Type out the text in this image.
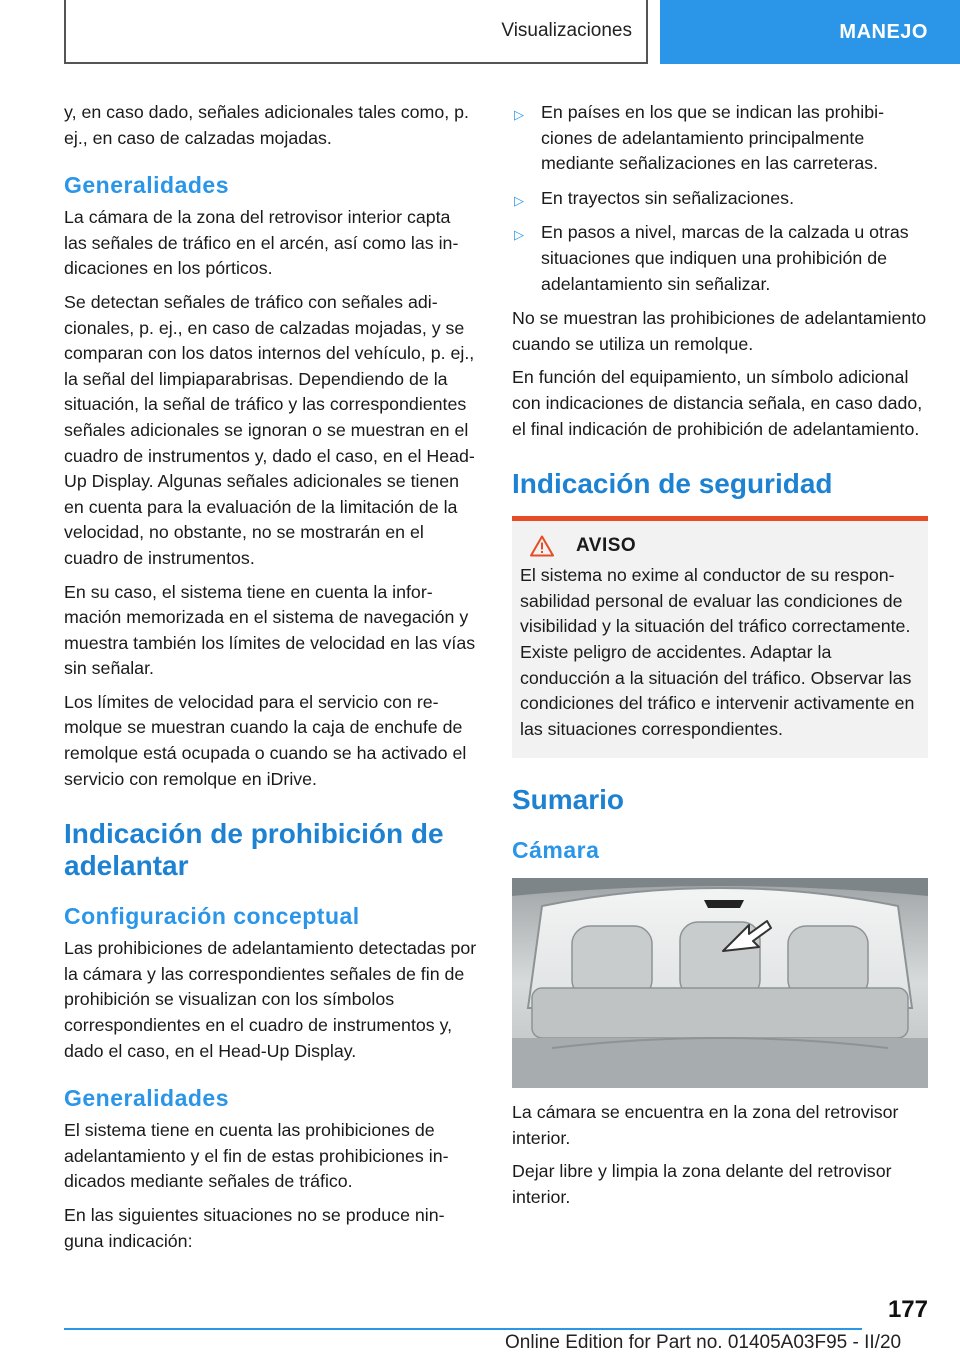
Visualizaciones	MANEJO

y, en caso dado, señales adicionales tales como, p. ej., en caso de calzadas mojadas.

Generalidades

La cámara de la zona del retrovisor interior capta las señales de tráfico en el arcén, así como las indicaciones en los pórticos.

Se detectan señales de tráfico con señales adicionales, p. ej., en caso de calzadas mojadas, y se comparan con los datos internos del vehículo, p. ej., la señal del limpiaparabrisas. Dependiendo de la situación, la señal de tráfico y las correspondientes señales adicionales se ignoran o se muestran en el cuadro de instrumentos y, dado el caso, en el Head-Up Display. Algunas señales adicionales se tienen en cuenta para la evaluación de la limitación de la velocidad, no obstante, no se mostrarán en el cuadro de instrumentos.

En su caso, el sistema tiene en cuenta la información memorizada en el sistema de navegación y muestra también los límites de velocidad en las vías sin señalar.

Los límites de velocidad para el servicio con remolque se muestran cuando la caja de enchufe de remolque está ocupada o cuando se ha activado el servicio con remolque en iDrive.

Indicación de prohibición de adelantar
Configuración conceptual

Las prohibiciones de adelantamiento detectadas por la cámara y las correspondientes señales de fin de prohibición se visualizan con los símbolos correspondientes en el cuadro de instrumentos y, dado el caso, en el Head-Up Display.

Generalidades

El sistema tiene en cuenta las prohibiciones de adelantamiento y el fin de estas prohibiciones indicados mediante señales de tráfico.

En las siguientes situaciones no se produce ninguna indicación:

▷ En países en los que se indican las prohibiciones de adelantamiento principalmente mediante señalizaciones en las carreteras.
▷ En trayectos sin señalizaciones.
▷ En pasos a nivel, marcas de la calzada u otras situaciones que indiquen una prohibición de adelantamiento sin señalizar.

No se muestran las prohibiciones de adelantamiento cuando se utiliza un remolque.

En función del equipamiento, un símbolo adicional con indicaciones de distancia señala, en caso dado, el final indicación de prohibición de adelantamiento.

Indicación de seguridad
AVISO

El sistema no exime al conductor de su responsabilidad personal de evaluar las condiciones de visibilidad y la situación del tráfico correctamente. Existe peligro de accidentes. Adaptar la conducción a la situación del tráfico. Observar las condiciones del tráfico e intervenir activamente en las situaciones correspondientes.

Sumario
Cámara

La cámara se encuentra en la zona del retrovisor interior.

Dejar libre y limpia la zona delante del retrovisor interior.

177
Online Edition for Part no. 01405A03F95 - II/20
